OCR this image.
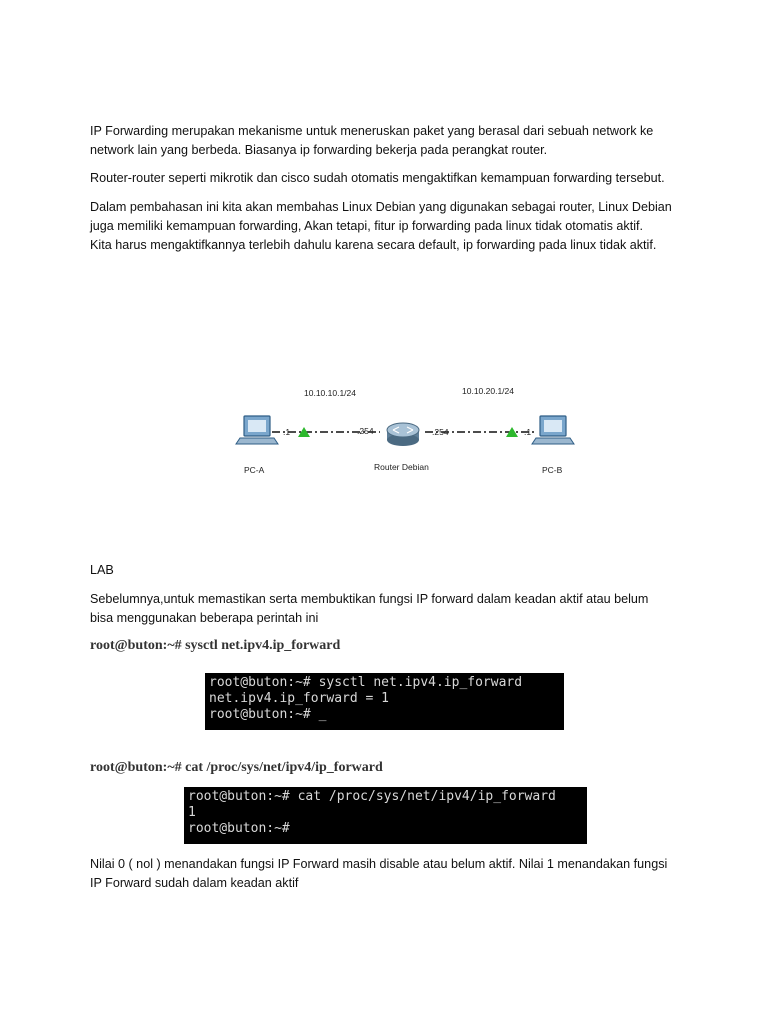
IP Forwarding merupakan mekanisme untuk meneruskan paket yang berasal dari sebuah network ke
network lain yang berbeda. Biasanya ip forwarding bekerja pada perangkat router.

Router-router seperti mikrotik dan cisco sudah otomatis mengaktifkan kemampuan forwarding tersebut.

Dalam pembahasan ini kita akan membahas Linux Debian yang digunakan sebagai router, Linux Debian
juga memiliki kemampuan forwarding, Akan tetapi, fitur ip forwarding pada linux tidak otomatis aktif.
Kita harus mengaktifkannya terlebih dahulu karena secara default, ip forwarding pada linux tidak aktif.

10.10.10.1/24	10.10.20.1/24
.1	.254	.254	.1
PC-A	Router Debian	PC-B

LAB

Sebelumnya,untuk memastikan serta membuktikan fungsi IP forward dalam keadan aktif atau belum
bisa menggunakan beberapa perintah ini

root@buton:~# sysctl net.ipv4.ip_forward
root@buton:~# sysctl net.ipv4.ip_forward
net.ipv4.ip_forward = 1
root@buton:~# _
root@buton:~# cat /proc/sys/net/ipv4/ip_forward
root@buton:~# cat /proc/sys/net/ipv4/ip_forward
1
root@buton:~#

Nilai 0 ( nol ) menandakan fungsi IP Forward masih disable atau belum aktif. Nilai 1 menandakan fungsi
IP Forward sudah dalam keadan aktif
